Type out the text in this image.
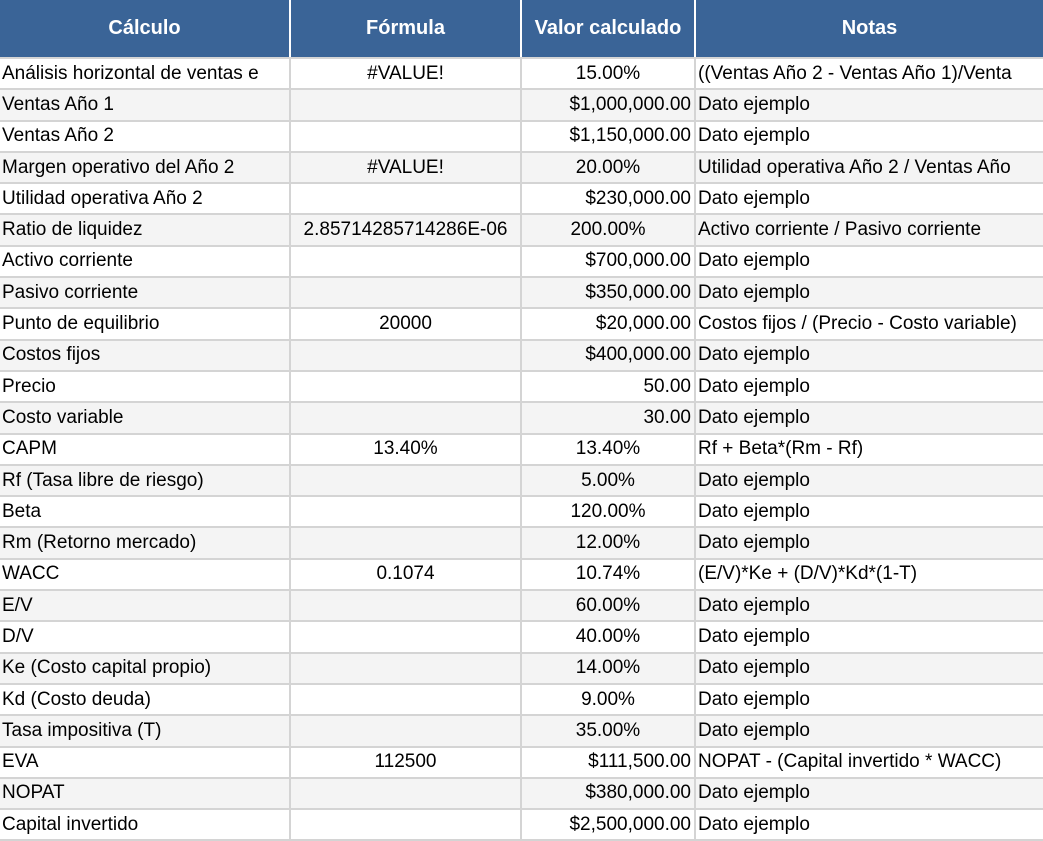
Cálculo	Fórmula	Valor calculado	Notas
Análisis horizontal de ventas e	#VALUE!	15.00%	((Ventas Año 2 - Ventas Año 1)/Venta
Ventas Año 1		$1,000,000.00	Dato ejemplo
Ventas Año 2		$1,150,000.00	Dato ejemplo
Margen operativo del Año 2	#VALUE!	20.00%	Utilidad operativa Año 2 / Ventas Año
Utilidad operativa Año 2		$230,000.00	Dato ejemplo
Ratio de liquidez	2.85714285714286E-06	200.00%	Activo corriente / Pasivo corriente
Activo corriente		$700,000.00	Dato ejemplo
Pasivo corriente		$350,000.00	Dato ejemplo
Punto de equilibrio	20000	$20,000.00	Costos fijos / (Precio - Costo variable)
Costos fijos		$400,000.00	Dato ejemplo
Precio		50.00	Dato ejemplo
Costo variable		30.00	Dato ejemplo
CAPM	13.40%	13.40%	Rf + Beta*(Rm - Rf)
Rf (Tasa libre de riesgo)		5.00%	Dato ejemplo
Beta		120.00%	Dato ejemplo
Rm (Retorno mercado)		12.00%	Dato ejemplo
WACC	0.1074	10.74%	(E/V)*Ke + (D/V)*Kd*(1-T)
E/V		60.00%	Dato ejemplo
D/V		40.00%	Dato ejemplo
Ke (Costo capital propio)		14.00%	Dato ejemplo
Kd (Costo deuda)		9.00%	Dato ejemplo
Tasa impositiva (T)		35.00%	Dato ejemplo
EVA	112500	$111,500.00	NOPAT - (Capital invertido * WACC)
NOPAT		$380,000.00	Dato ejemplo
Capital invertido		$2,500,000.00	Dato ejemplo
